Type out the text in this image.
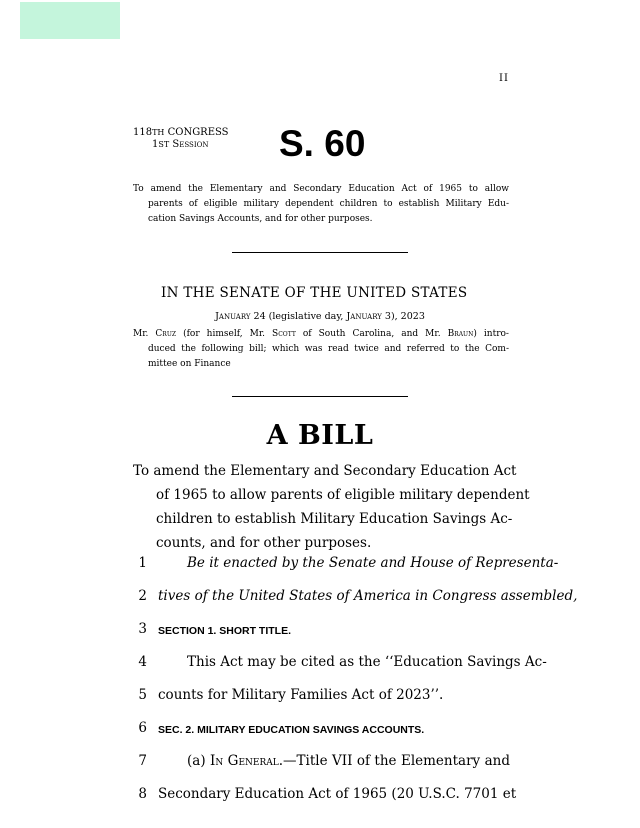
II
118TH CONGRESS
1ST Session	S. 60
To amend the Elementary and Secondary Education Act of 1965 to allow
parents of eligible military dependent children to establish Military Edu-
cation Savings Accounts, and for other purposes.
IN THE SENATE OF THE UNITED STATES
January 24 (legislative day, January 3), 2023
Mr. Cruz (for himself, Mr. Scott of South Carolina, and Mr. Braun) intro-
duced the following bill; which was read twice and referred to the Com-
mittee on Finance
A BILL
To amend the Elementary and Secondary Education Act
of 1965 to allow parents of eligible military dependent
children to establish Military Education Savings Ac-
counts, and for other purposes.
1	Be it enacted by the Senate and House of Representa-
2 tives of the United States of America in Congress assembled,
3 SECTION 1. SHORT TITLE.
4	This Act may be cited as the ‘‘Education Savings Ac-
5 counts for Military Families Act of 2023’’.
6 SEC. 2. MILITARY EDUCATION SAVINGS ACCOUNTS.
7	(a) In General.—Title VII of the Elementary and
8 Secondary Education Act of 1965 (20 U.S.C. 7701 et
